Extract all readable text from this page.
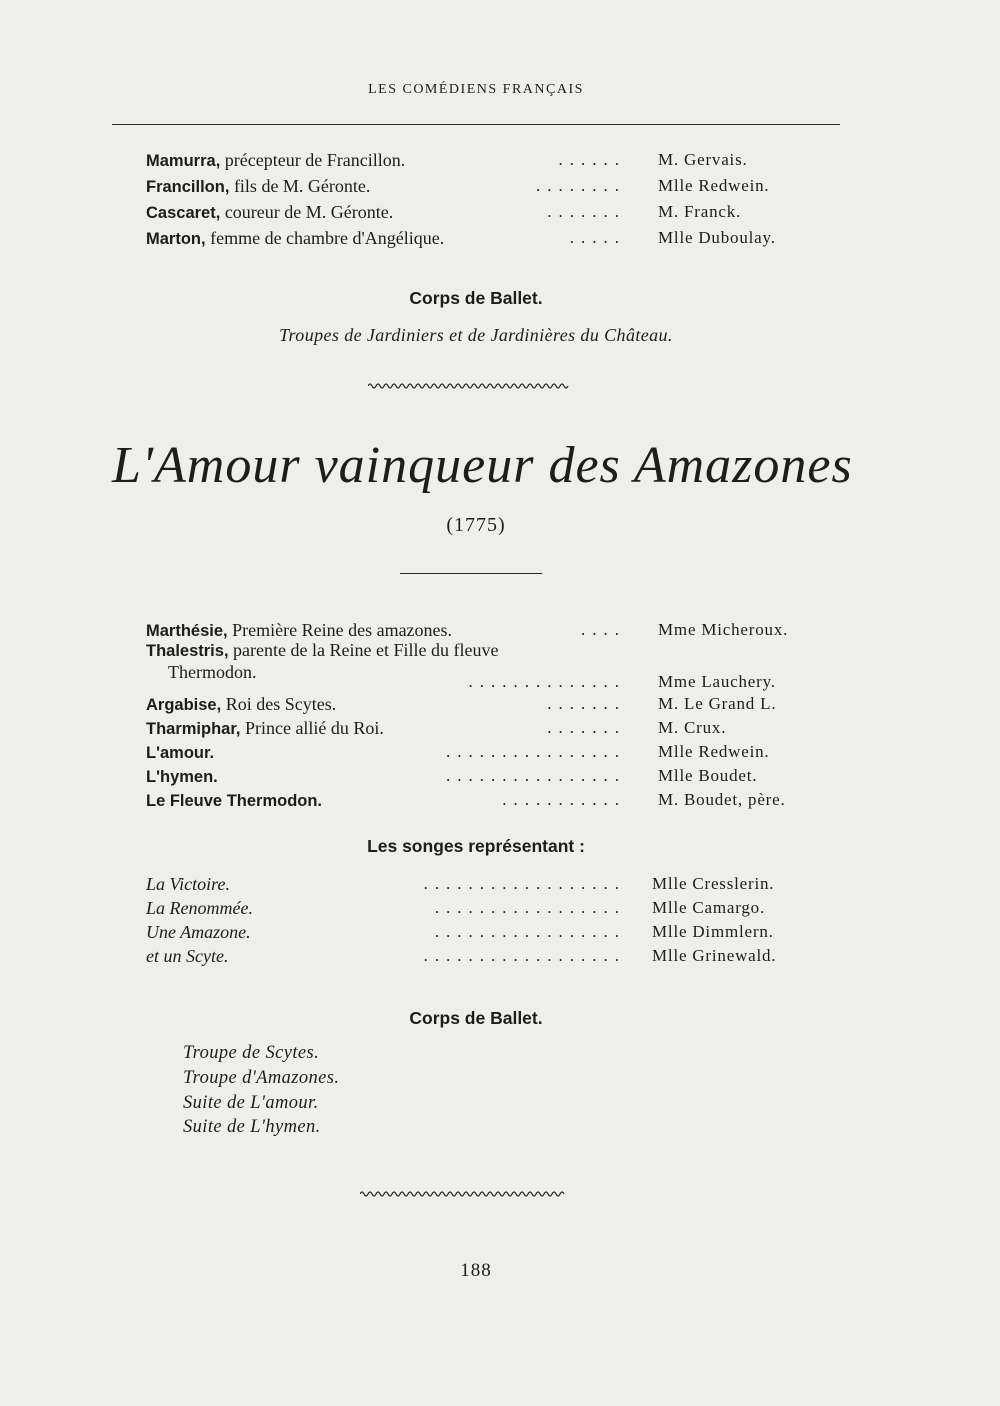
LES COMÉDIENS FRANÇAIS
Mamurra, précepteur de Francillon.	...... M. Gervais.
Francillon, fils de M. Géronte.	........ Mlle Redwein.
Cascaret, coureur de M. Géronte.	....... M. Franck.
Marton, femme de chambre d'Angélique.	..... Mlle Duboulay.
Corps de Ballet.
Troupes de Jardiniers et de Jardinières du Château.
L'Amour vainqueur des Amazones
(1775)
Marthésie, Première Reine des amazones.	.... Mme Micheroux.
Thalestris, parente de la Reine et Fille du fleuve
Thermodon.	.............. Mme Lauchery.
Argabise, Roi des Scytes.	....... M. Le Grand L.
Tharmiphar, Prince allié du Roi.	....... M. Crux.
L'amour.	................ Mlle Redwein.
L'hymen.	................ Mlle Boudet.
Le Fleuve Thermodon.	........... M. Boudet, père.
Les songes représentant :
La Victoire.	.................. Mlle Cresslerin.
La Renommée.	................. Mlle Camargo.
Une Amazone.	................. Mlle Dimmlern.
et un Scyte.	.................. Mlle Grinewald.
Corps de Ballet.
Troupe de Scytes.
Troupe d'Amazones.
Suite de L'amour.
Suite de L'hymen.
188
